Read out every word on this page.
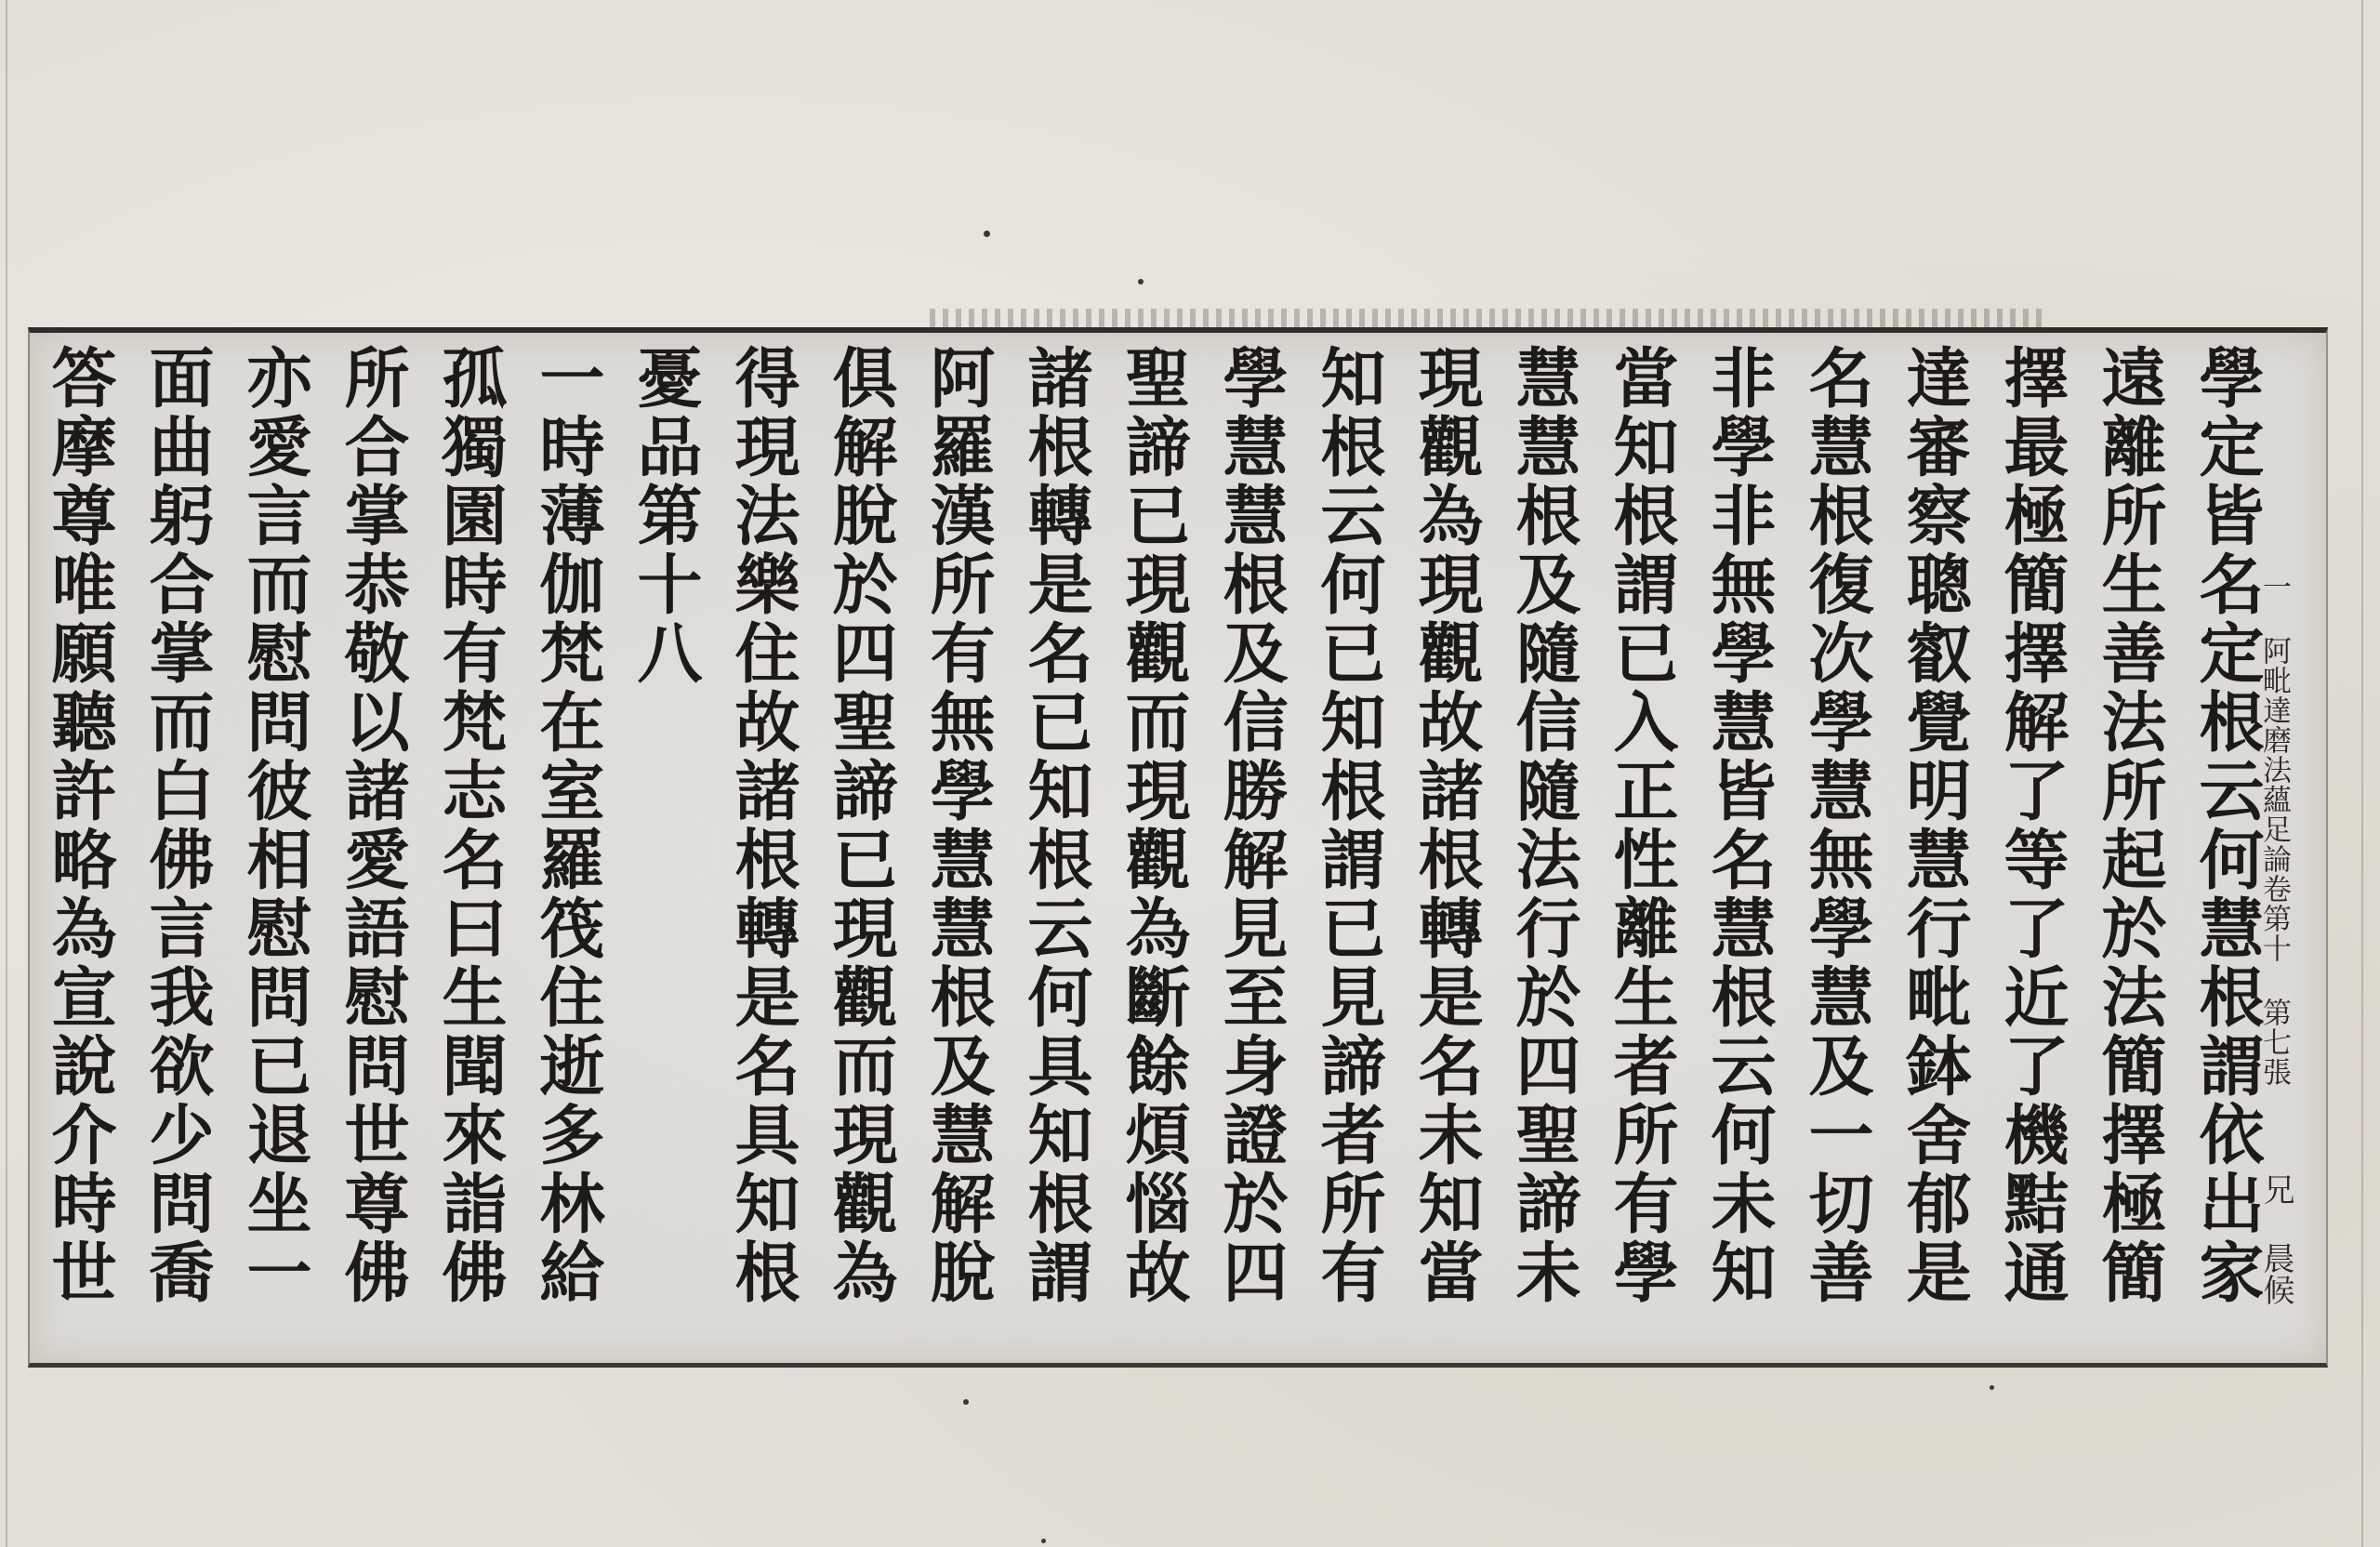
一 阿毗達磨法蘊足論卷第十 第七張
兄 晨候
學定皆名定根云何慧根謂依出家
遠離所生善法所起於法簡擇極簡
擇最極簡擇解了等了近了機黠通
達審察聰叡覺明慧行毗鉢舍郁是
名慧根復次學慧無學慧及一切善
非學非無學慧皆名慧根云何未知
當知根謂已入正性離生者所有學
慧慧根及隨信隨法行於四聖諦未
現觀為現觀故諸根轉是名未知當
知根云何已知根謂已見諦者所有
學慧慧根及信勝解見至身證於四
聖諦已現觀而現觀為斷餘煩惱故
諸根轉是名已知根云何具知根謂
阿羅漢所有無學慧慧根及慧解脫
俱解脫於四聖諦已現觀而現觀為
得現法樂住故諸根轉是名具知根
憂品第十八
一時薄伽梵在室羅筏住逝多林給
孤獨園時有梵志名曰生聞來詣佛
所合掌恭敬以諸愛語慰問世尊佛
亦愛言而慰問彼相慰問已退坐一
面曲躬合掌而白佛言我欲少問喬
答摩尊唯願聽許略為宣說介時世
